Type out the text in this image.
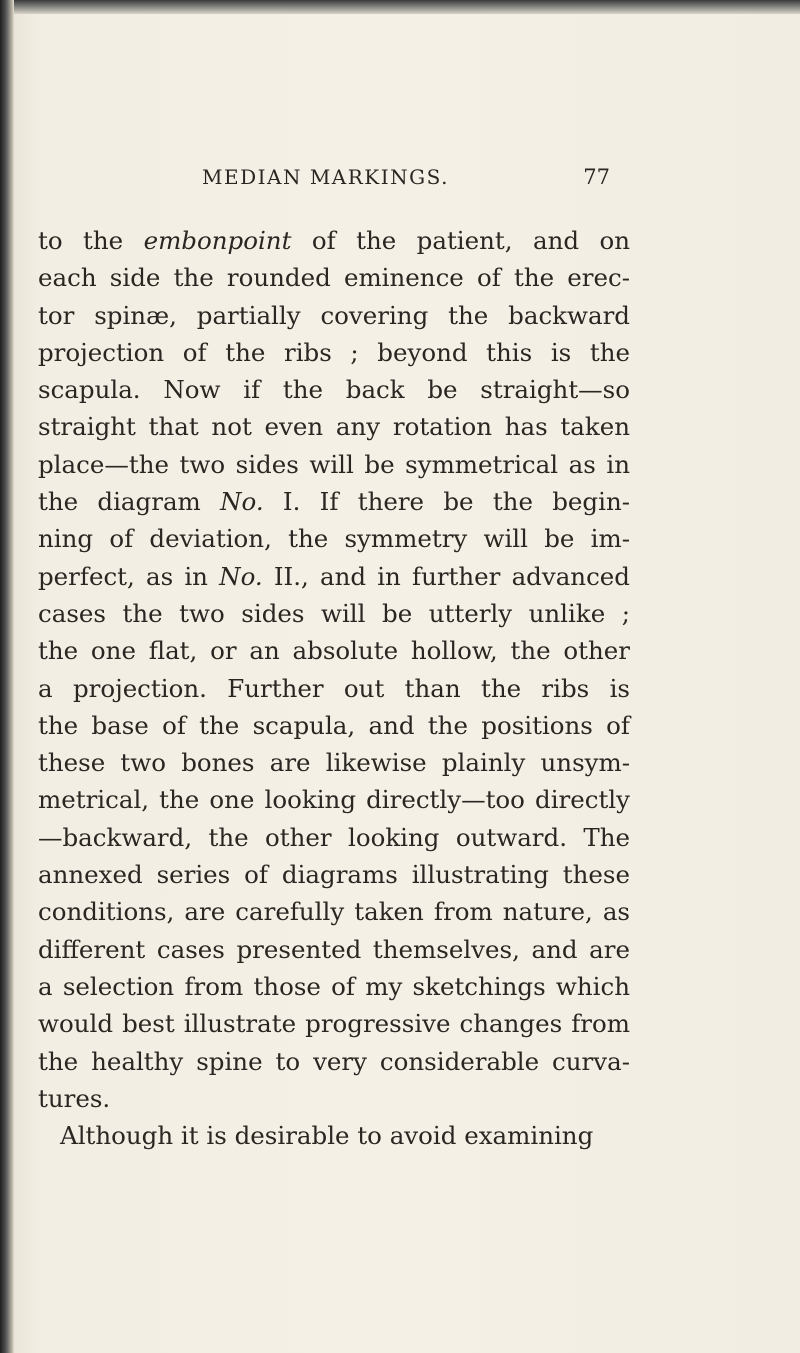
MEDIAN MARKINGS.	77

to the embonpoint of the patient, and on
each side the rounded eminence of the erec-
tor spinæ, partially covering the backward
projection of the ribs ; beyond this is the
scapula. Now if the back be straight—so
straight that not even any rotation has taken
place—the two sides will be symmetrical as in
the diagram No. I. If there be the begin-
ning of deviation, the symmetry will be im-
perfect, as in No. II., and in further advanced
cases the two sides will be utterly unlike ;
the one flat, or an absolute hollow, the other
a projection. Further out than the ribs is
the base of the scapula, and the positions of
these two bones are likewise plainly unsym-
metrical, the one looking directly—too directly
—backward, the other looking outward. The
annexed series of diagrams illustrating these
conditions, are carefully taken from nature, as
different cases presented themselves, and are
a selection from those of my sketchings which
would best illustrate progressive changes from
the healthy spine to very considerable curva-
tures.
Although it is desirable to avoid examining
